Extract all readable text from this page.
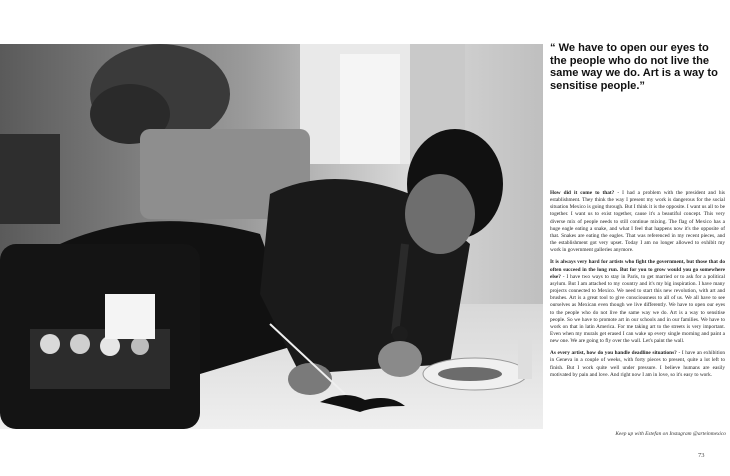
“ We have to open our eyes to the people who do not live the same way we do. Art is a way to sensitise people.”

How did it come to that? - I had a problem with the president and his establishment. They think the way I present my work is dangerous for the social situation Mexico is going through. But I think it is the opposite. I want us all to be together. I want us to exist together, cause it's a beautiful concept. This very diverse mix of people needs to still continue mixing. The flag of Mexico has a huge eagle eating a snake, and what I feel that happens now it's the opposite of that. Snakes are eating the eagles. That was referenced in my recent pieces, and the establishment got very upset. Today I am no longer allowed to exhibit my work in government galleries anymore.

It is always very hard for artists who fight the government, but those that do often succeed in the long run. But for you to grow would you go somewhere else? - I have two ways to stay in Paris, to get married or to ask for a political asylum. But I am attached to my country and it's my big inspiration. I have many projects connected to Mexico. We need to start this new revolution, with art and brushes. Art is a great tool to give consciousness to all of us. We all have to see ourselves as Mexican even though we live differently. We have to open our eyes to the people who do not live the same way we do. Art is a way to sensitise people. So we have to promote art in our schools and in our families. We have to work on that in latin America. For me taking art to the streets is very important. Even when my murals get erased I can wake up every single morning and paint a new one. We are going to fly over the wall. Let's paint the wall.

As every artist, how do you handle deadline situations? - I have an exhibition in Geneva in a couple of weeks, with forty pieces to present, quite a lot left to finish. But I work quite well under pressure. I believe humans are easily motivated by pain and love. And right now I am in love, so it's easy to work.

Keep up with Estefan on Instagram @arteinmexico
73
